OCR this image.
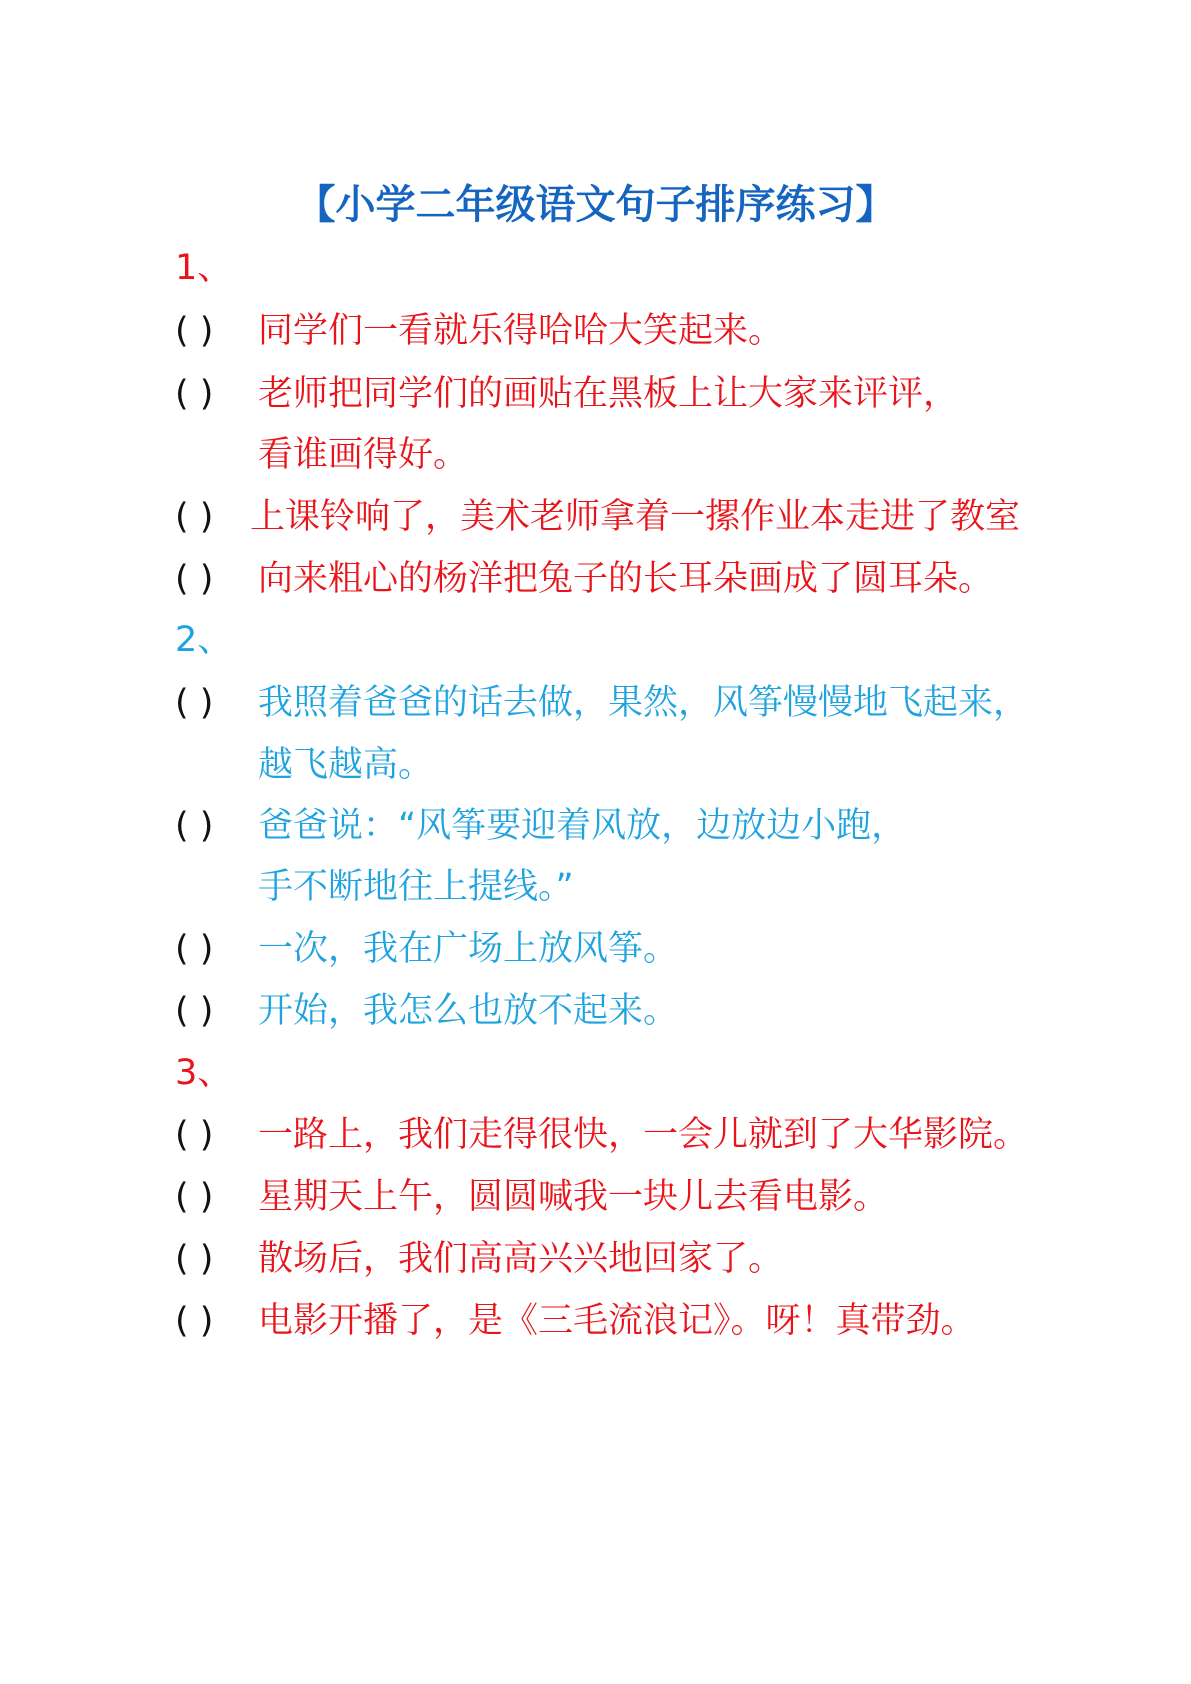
【小学二年级语文句子排序练习】
1、
( ) 同学们一看就乐得哈哈大笑起来。
( ) 老师把同学们的画贴在黑板上让大家来评评，
看谁画得好。
( ) 上课铃响了，美术老师拿着一摞作业本走进了教室
( ) 向来粗心的杨洋把兔子的长耳朵画成了圆耳朵。
2、
( ) 我照着爸爸的话去做，果然，风筝慢慢地飞起来，
越飞越高。
( ) 爸爸说：“风筝要迎着风放，边放边小跑，
手不断地往上提线。”
( ) 一次，我在广场上放风筝。
( ) 开始，我怎么也放不起来。
3、
( ) 一路上，我们走得很快，一会儿就到了大华影院。
( ) 星期天上午，圆圆喊我一块儿去看电影。
( ) 散场后，我们高高兴兴地回家了。
( ) 电影开播了，是《三毛流浪记》。呀！真带劲。
